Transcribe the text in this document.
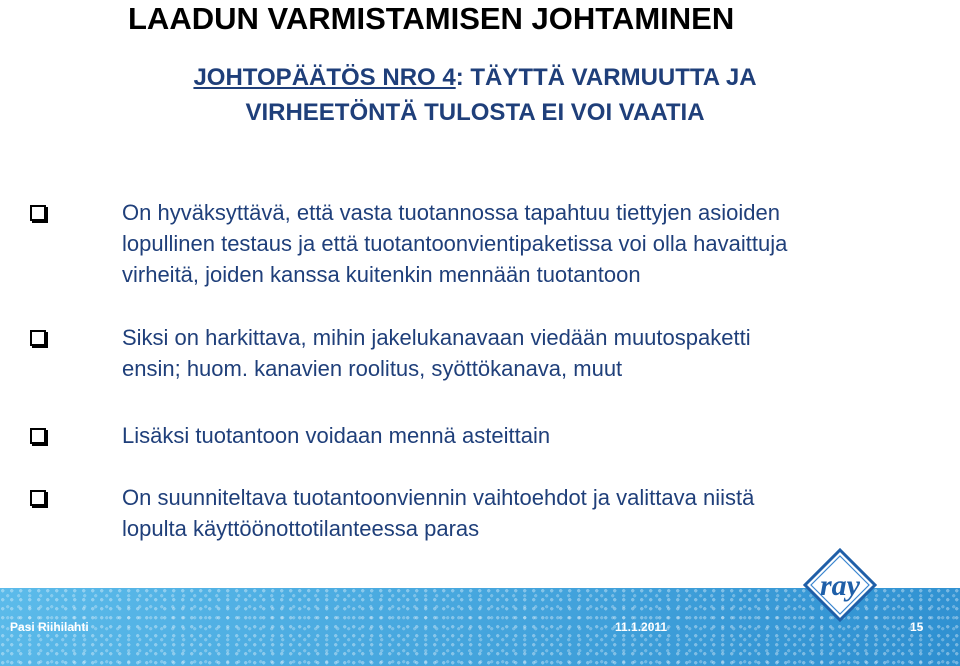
LAADUN VARMISTAMISEN JOHTAMINEN
JOHTOPÄÄTÖS NRO 4: TÄYTTÄ VARMUUTTA JA
VIRHEETÖNTÄ TULOSTA EI VOI VAATIA
On hyväksyttävä, että vasta tuotannossa tapahtuu tiettyjen asioiden
lopullinen testaus ja että tuotantoonvientipaketissa voi olla havaittuja
virheitä, joiden kanssa kuitenkin mennään tuotantoon
Siksi on harkittava, mihin jakelukanavaan viedään muutospaketti
ensin; huom. kanavien roolitus, syöttökanava, muut
Lisäksi tuotantoon voidaan mennä asteittain
On suunniteltava tuotantoonviennin vaihtoehdot ja valittava niistä
lopulta käyttöönottotilanteessa paras
ray
Pasi Riihilahti	11.1.2011	15
